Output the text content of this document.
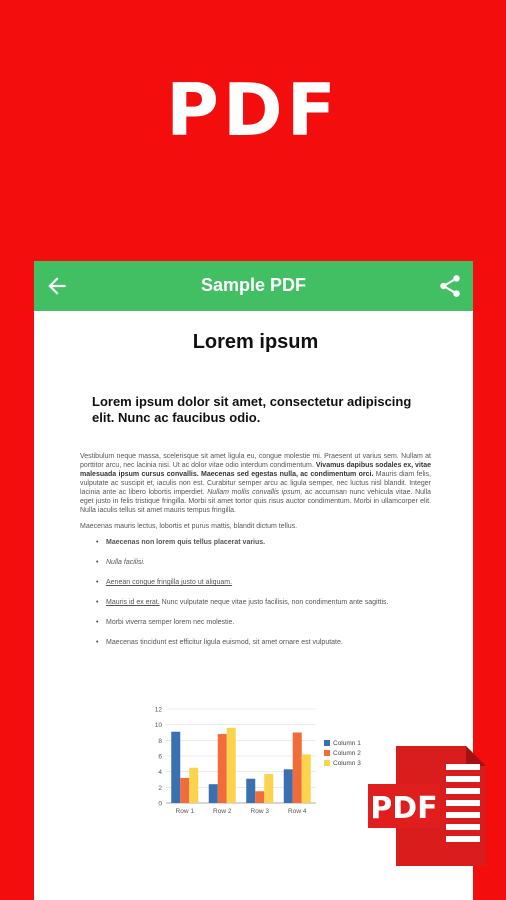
PDF
Sample PDF
Lorem ipsum
Lorem ipsum dolor sit amet, consectetur adipiscing elit. Nunc ac faucibus odio.

Vestibulum neque massa, scelerisque sit amet ligula eu, congue molestie mi. Praesent ut varius sem. Nullam at porttitor arcu, nec lacinia nisi. Ut ac dolor vitae odio interdum condimentum. Vivamus dapibus sodales ex, vitae malesuada ipsum cursus convallis. Maecenas sed egestas nulla, ac condimentum orci. Mauris diam felis, vulputate ac suscipit et, iaculis non est. Curabitur semper arcu ac ligula semper, nec luctus nisl blandit. Integer lacinia ante ac libero lobortis imperdiet. Nullam mollis convallis ipsum, ac accumsan nunc vehicula vitae. Nulla eget justo in felis tristique fringilla. Morbi sit amet tortor quis risus auctor condimentum. Morbi in ullamcorper elit. Nulla iaculis tellus sit amet mauris tempus fringilla.

Maecenas mauris lectus, lobortis et purus mattis, blandit dictum tellus.

• Maecenas non lorem quis tellus placerat varius.
• Nulla facilisi.
• Aenean congue fringilla justo ut aliquam.
• Mauris id ex erat. Nunc vulputate neque vitae justo facilisis, non condimentum ante sagittis.
• Morbi viverra semper lorem nec molestie.
• Maecenas tincidunt est efficitur ligula euismod, sit amet ornare est vulputate.
0
2
4
6
8
10
12
Row 1	Row 2	Row 3	Row 4
Column 1
Column 2
Column 3
PDF
